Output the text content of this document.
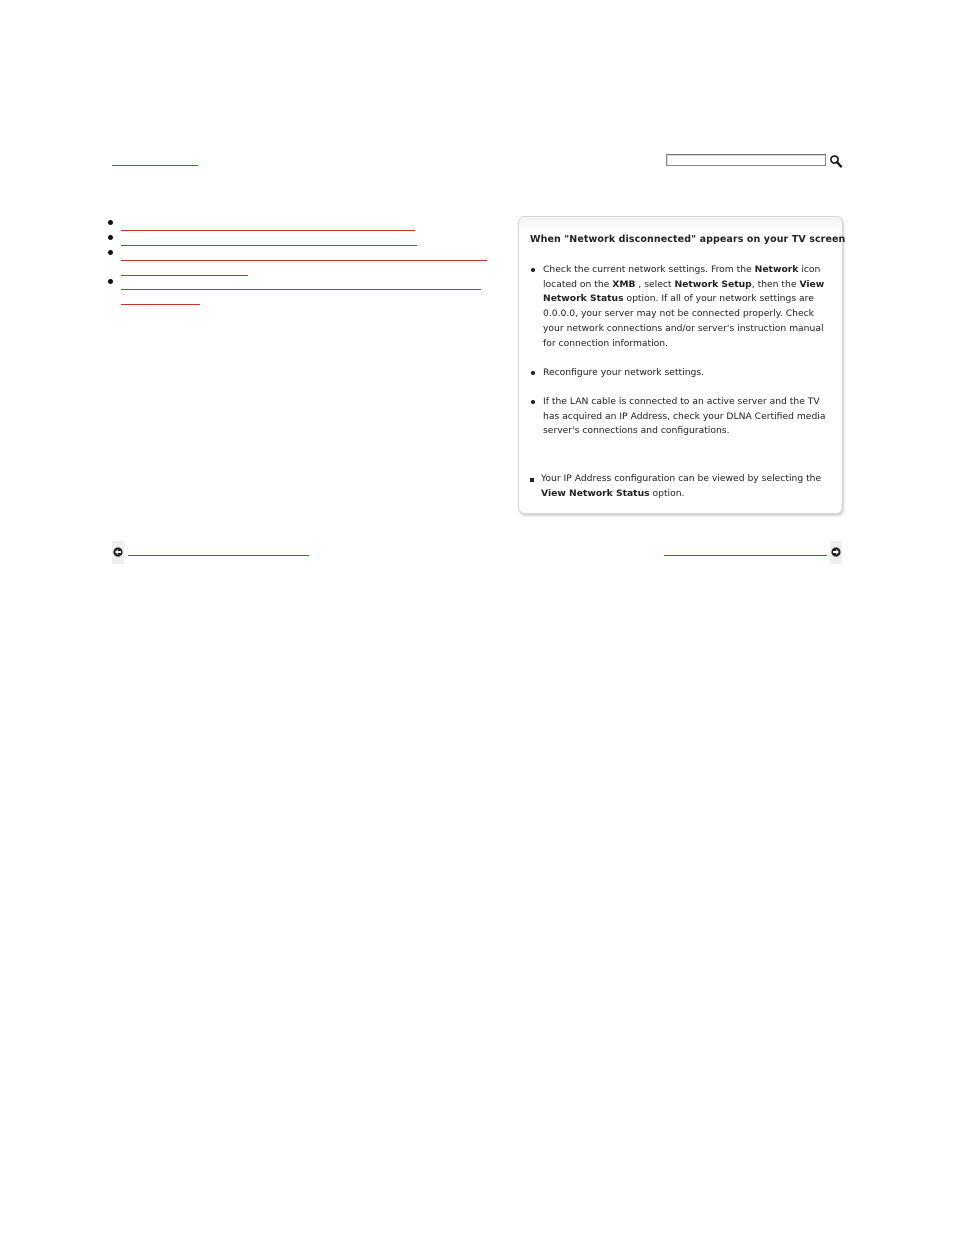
When "Network disconnected" appears on your TV screen
Check the current network settings. From the Network icon located on the XMB , select Network Setup, then the View Network Status option. If all of your network settings are 0.0.0.0, your server may not be connected properly. Check your network connections and/or server's instruction manual for connection information.
Reconfigure your network settings.
If the LAN cable is connected to an active server and the TV has acquired an IP Address, check your DLNA Certified media server's connections and configurations.
Your IP Address configuration can be viewed by selecting the View Network Status option.
